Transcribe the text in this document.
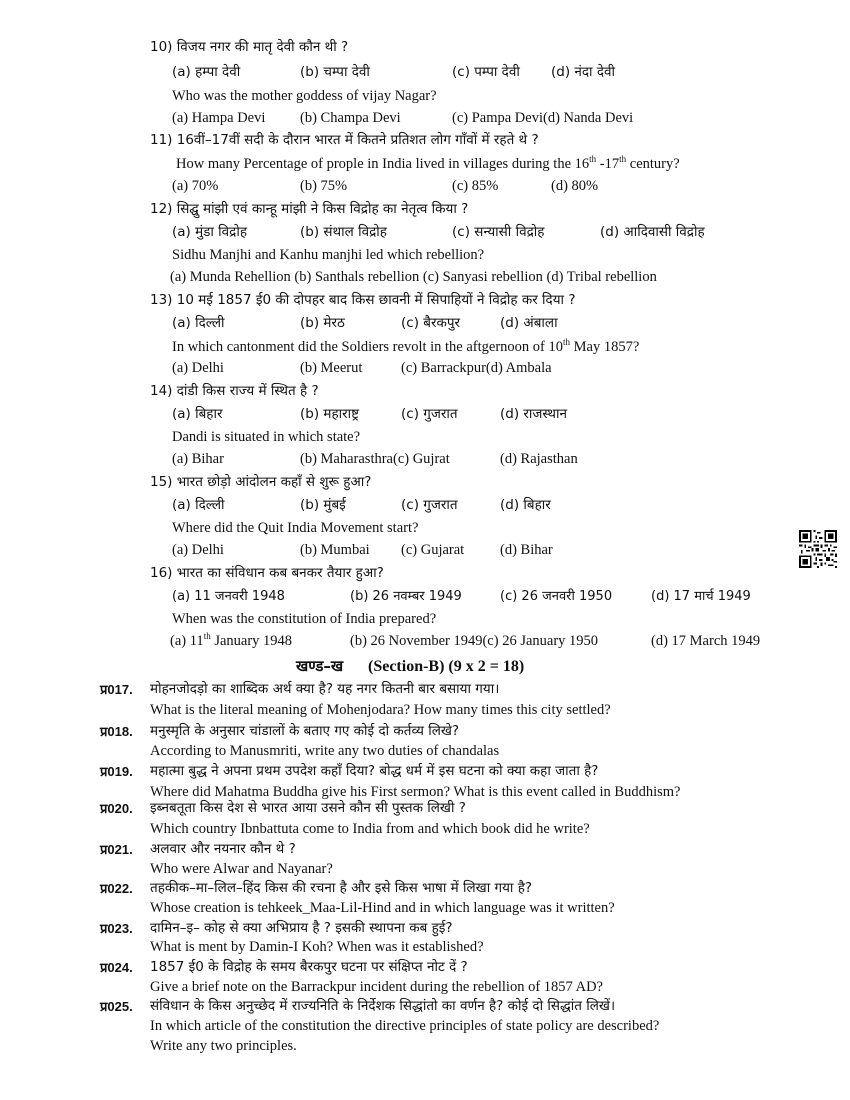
10) विजय नगर की मातृ देवी कौन थी ?
(a) हम्पा देवी	(b) चम्पा देवी	(c) पम्पा देवी (d) नंदा देवी
Who was the mother goddess of vijay Nagar?
(a) Hampa Devi (b) Champa Devi	(c) Pampa Devi(d) Nanda Devi
11) 16वीं–17वीं सदी के दौरान भारत में कितने प्रतिशत लोग गाँवों में रहते थे ?
How many Percentage of prople in India lived in villages during the 16th -17th century?
(a) 70%	(b) 75%	(c) 85%	(d) 80%
12) सिद्घु मांझी एवं कान्हू मांझी ने किस विद्रोह का नेतृत्व किया ?
(a) मुंडा विद्रोह	(b) संथाल विद्रोह	(c) सन्यासी विद्रोह	(d) आदिवासी विद्रोह
Sidhu Manjhi and Kanhu manjhi led which rebellion?
(a) Munda Rehellion (b) Santhals rebellion (c) Sanyasi rebellion (d) Tribal rebellion
13) 10 मई 1857 ई0 की दोपहर बाद किस छावनी में सिपाहियों ने विद्रोह कर दिया ?
(a) दिल्ली	(b) मेरठ	(c) बैरकपुर	(d) अंबाला
In which cantonment did the Soldiers revolt in the aftgernoon of 10th May 1857?
(a) Delhi	(b) Meerut	(c) Barrackpur(d) Ambala
14) दांडी किस राज्य में स्थित है ?
(a) बिहार	(b) महाराष्ट्र	(c) गुजरात	(d) राजस्थान
Dandi is situated in which state?
(a) Bihar	(b) Maharasthra(c) Gujrat	(d) Rajasthan
15) भारत छोड़ो आंदोलन कहाँ से शुरू हुआ?
(a) दिल्ली	(b) मुंबई	(c) गुजरात	(d) बिहार
Where did the Quit India Movement start?
(a) Delhi	(b) Mumbai (c) Gujarat (d) Bihar
16) भारत का संविधान कब बनकर तैयार हुआ?
(a) 11 जनवरी 1948	(b) 26 नवम्बर 1949	(c) 26 जनवरी 1950	(d) 17 मार्च 1949
When was the constitution of India prepared?
(a) 11th January 1948	(b) 26 November 1949(c) 26 January 1950	(d) 17 March 1949
खण्ड–ख (Section-B) (9 x 2 = 18)
प्र017. मोहनजोदड़ो का शाब्दिक अर्थ क्या है? यह नगर कितनी बार बसाया गया।
What is the literal meaning of Mohenjodara? How many times this city settled?
प्र018. मनुस्मृति के अनुसार चांडालों के बताए गए कोई दो कर्तव्य लिखे?
According to Manusmriti, write any two duties of chandalas
प्र019. महात्मा बुद्ध ने अपना प्रथम उपदेश कहाँ दिया? बोद्ध धर्म में इस घटना को क्या कहा जाता है?
Where did Mahatma Buddha give his First sermon? What is this event called in Buddhism?
प्र020. इब्नबतूता किस देश से भारत आया उसने कौन सी पुस्तक लिखी ?
Which country Ibnbattuta come to India from and which book did he write?
प्र021. अलवार और नयनार कौन थे ?
Who were Alwar and Nayanar?
प्र022. तहकीक–मा–लिल–हिंद किस की रचना है और इसे किस भाषा में लिखा गया है?
Whose creation is tehkeek_Maa-Lil-Hind and in which language was it written?
प्र023. दामिन–इ– कोह से क्या अभिप्राय है ? इसकी स्थापना कब हुई?
What is ment by Damin-I Koh? When was it established?
प्र024. 1857 ई0 के विद्रोह के समय बैरकपुर घटना पर संक्षिप्त नोट दें ?
Give a brief note on the Barrackpur incident during the rebellion of 1857 AD?
प्र025. संविधान के किस अनुच्छेद में राज्यनिति के निर्देशक सिद्धांतो का वर्णन है? कोई दो सिद्धांत लिखें।
In which article of the constitution the directive principles of state policy are described?
Write any two principles.
